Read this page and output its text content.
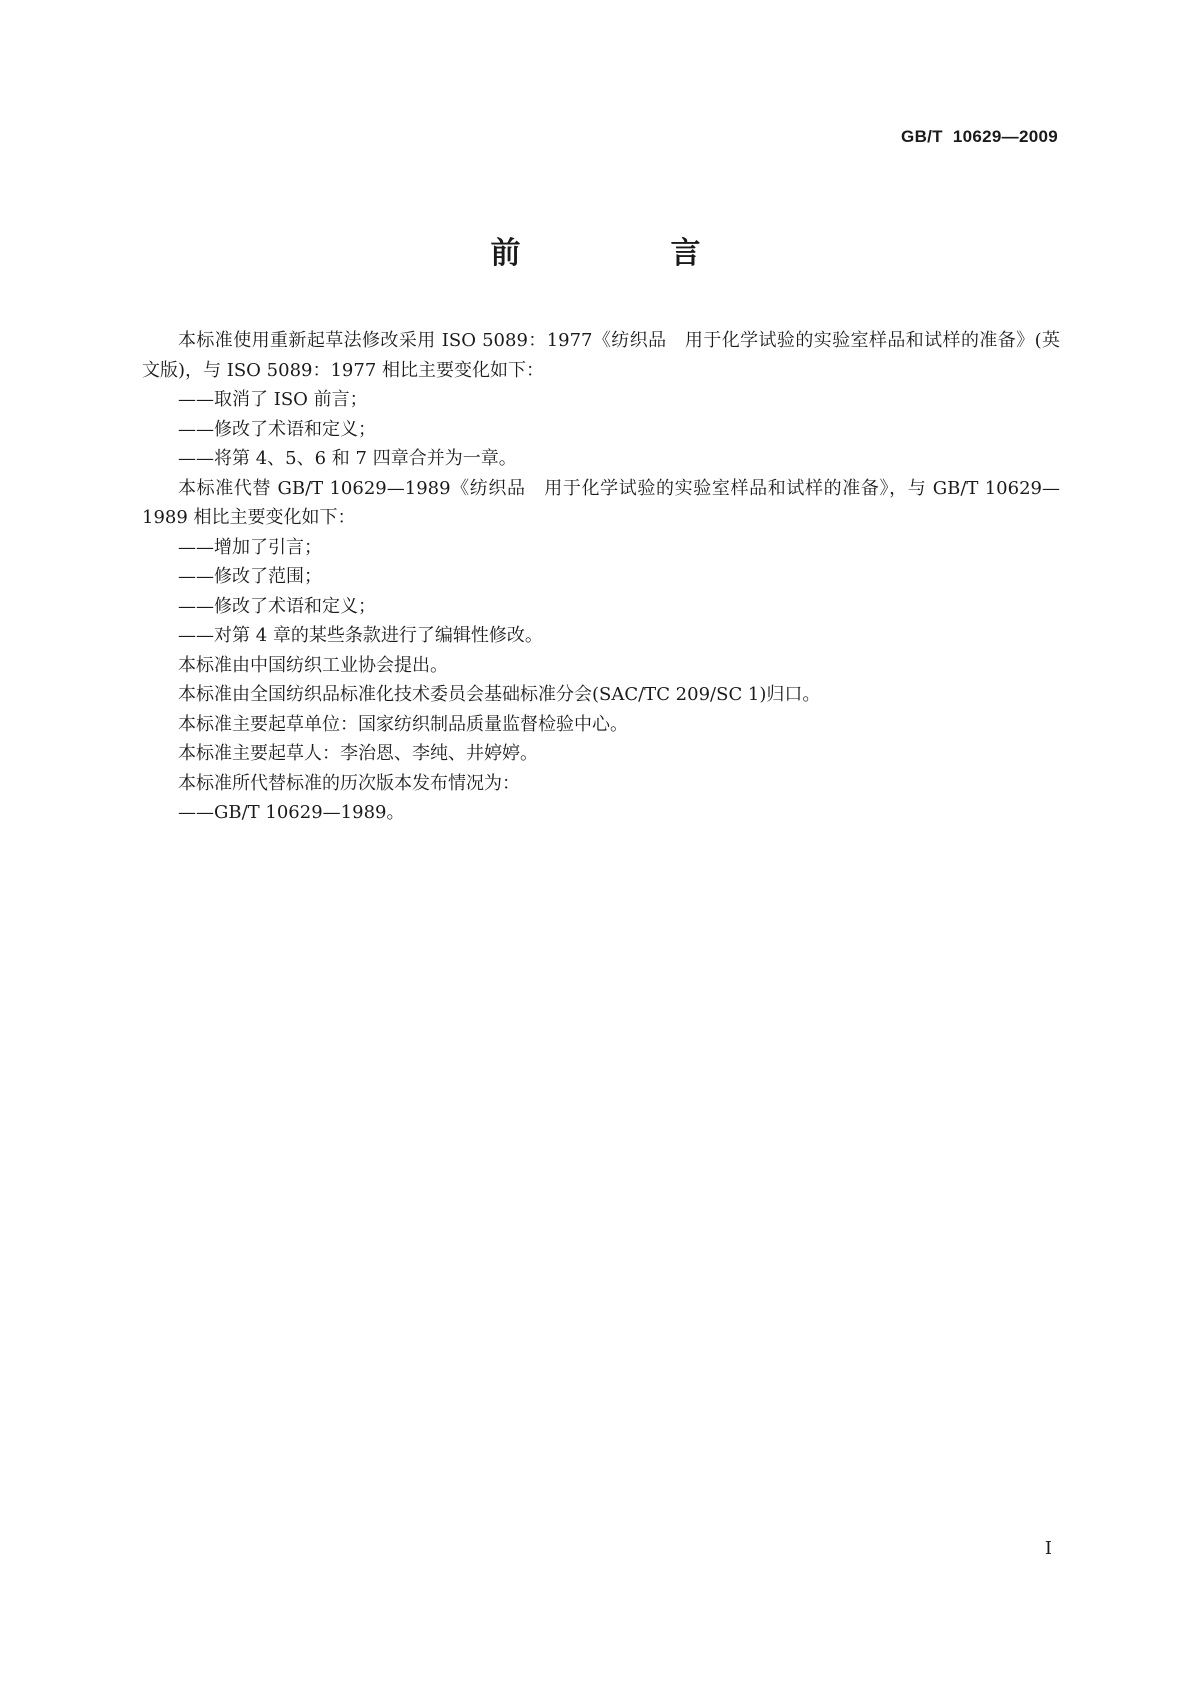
GB/T  10629—2009
前　言

本标准使用重新起草法修改采用 ISO 5089：1977《纺织品　用于化学试验的实验室样品和试样的准备》(英文版)，与 ISO 5089：1977 相比主要变化如下：

——取消了 ISO 前言；

——修改了术语和定义；

——将第 4、5、6 和 7 四章合并为一章。

本标准代替 GB/T 10629—1989《纺织品　用于化学试验的实验室样品和试样的准备》，与 GB/T 10629—1989 相比主要变化如下：

——增加了引言；

——修改了范围；

——修改了术语和定义；

——对第 4 章的某些条款进行了编辑性修改。

本标准由中国纺织工业协会提出。

本标准由全国纺织品标准化技术委员会基础标准分会(SAC/TC 209/SC 1)归口。

本标准主要起草单位：国家纺织制品质量监督检验中心。

本标准主要起草人：李治恩、李纯、井婷婷。

本标准所代替标准的历次版本发布情况为：

——GB/T 10629—1989。

I
